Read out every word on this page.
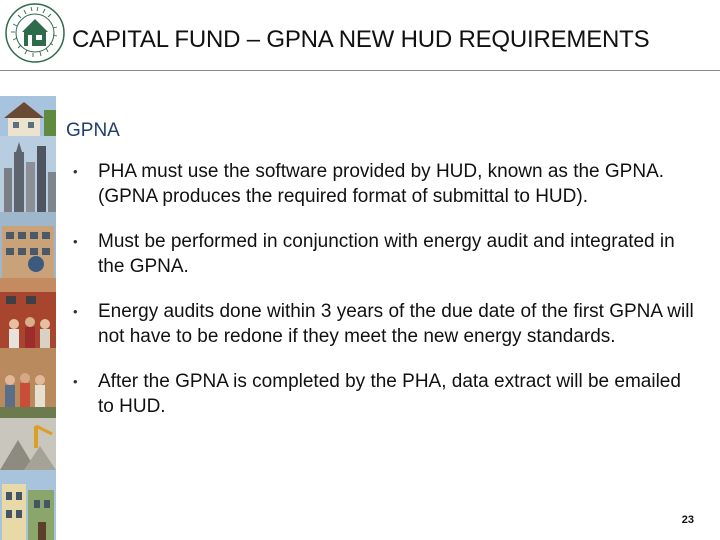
CAPITAL FUND – GPNA NEW HUD REQUIREMENTS
GPNA
• PHA must use the software provided by HUD, known as the GPNA. (GPNA produces the required format of submittal to HUD).
• Must be performed in conjunction with energy audit and integrated in the GPNA.
• Energy audits done within 3 years of the due date of the first GPNA will not have to be redone if they meet the new energy standards.
• After the GPNA is completed by the PHA, data extract will be emailed to HUD.
23
